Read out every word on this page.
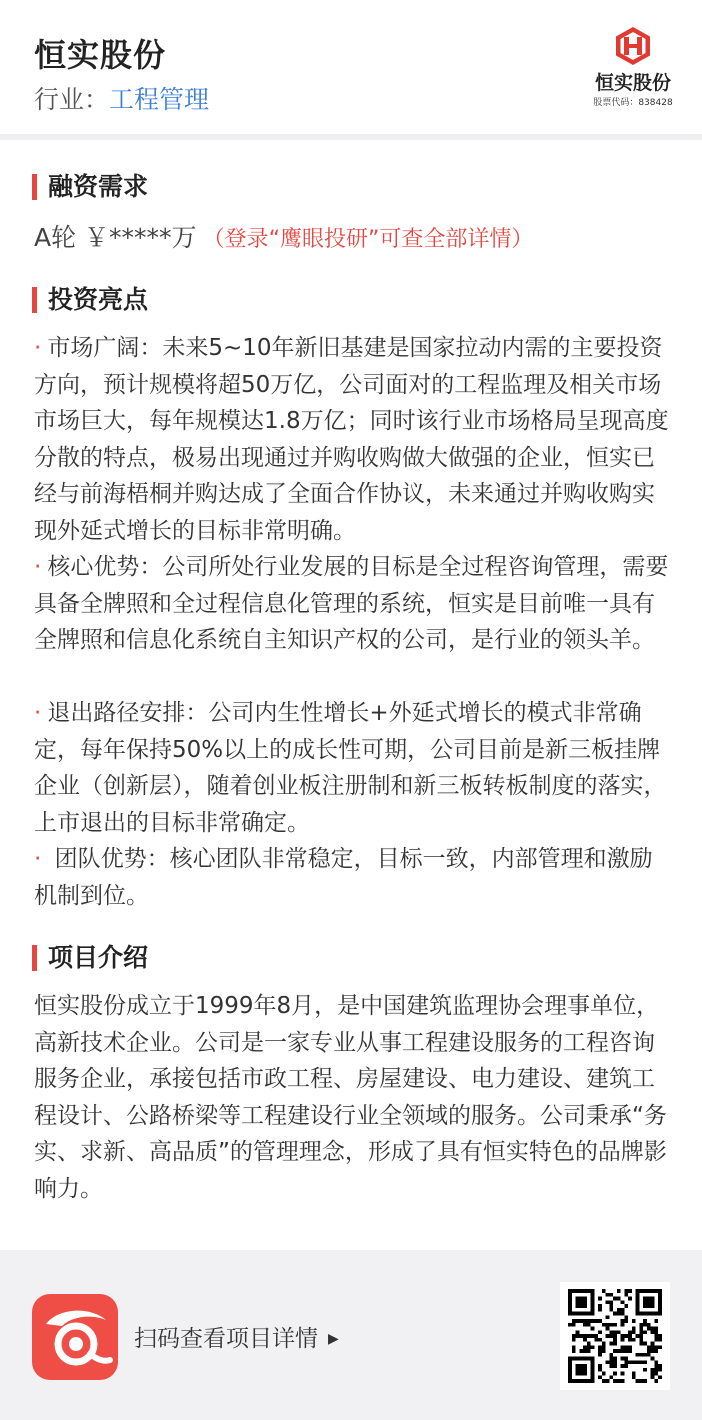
恒实股份
行业：工程管理
恒实股份
股票代码：838428
融资需求
A轮 ￥*****万 （登录“鹰眼投研”可查全部详情）
投资亮点
· 市场广阔：未来5~10年新旧基建是国家拉动内需的主要投资方向，预计规模将超50万亿，公司面对的工程监理及相关市场市场巨大，每年规模达1.8万亿；同时该行业市场格局呈现高度分散的特点，极易出现通过并购收购做大做强的企业，恒实已经与前海梧桐并购达成了全面合作协议，未来通过并购收购实现外延式增长的目标非常明确。
· 核心优势：公司所处行业发展的目标是全过程咨询管理，需要具备全牌照和全过程信息化管理的系统，恒实是目前唯一具有全牌照和信息化系统自主知识产权的公司，是行业的领头羊。
· 退出路径安排：公司内生性增长+外延式增长的模式非常确定，每年保持50%以上的成长性可期，公司目前是新三板挂牌企业（创新层），随着创业板注册制和新三板转板制度的落实，上市退出的目标非常确定。
· 团队优势：核心团队非常稳定，目标一致，内部管理和激励机制到位。
项目介绍
恒实股份成立于1999年8月，是中国建筑监理协会理事单位，高新技术企业。公司是一家专业从事工程建设服务的工程咨询服务企业，承接包括市政工程、房屋建设、电力建设、建筑工程设计、公路桥梁等工程建设行业全领域的服务。公司秉承“务实、求新、高品质”的管理理念，形成了具有恒实特色的品牌影响力。
扫码查看项目详情 ▶
